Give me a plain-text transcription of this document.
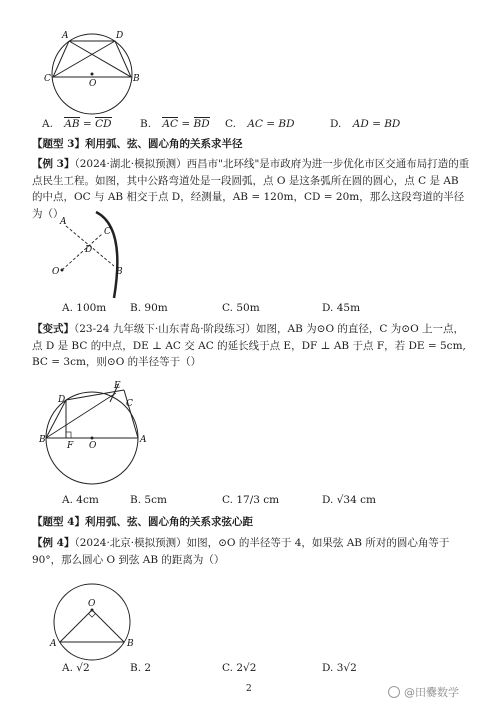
A	D
C	B
O
A. AB = CD	B. AC = BD C. AC = BD	D. AD = BD
【题型 3】利用弧、弦、圆心角的关系求半径
【例 3】（2024·湖北·模拟预测）西昌市"北环线"是市政府为进一步优化市区交通布局打造的重点民生工程。如图，其中公路弯道处是一段圆弧，点 O 是这条弧所在圆的圆心，点 C 是 AB 的中点，OC 与 AB 相交于点 D，经测量，AB = 120m，CD = 20m，那么这段弯道的半径为（）
A
C
D
O	B
A. 100m B. 90m	C. 50m	D. 45m
【变式】（23-24 九年级下·山东青岛·阶段练习）如图，AB 为⊙O 的直径，C 为⊙O 上一点，点 D 是 BC 的中点，DE ⊥ AC 交 AC 的延长线于点 E，DF ⊥ AB 于点 F，若 DE = 5cm, BC = 3cm，则⊙O 的半径等于（）
E
D	C
B
F O
A
A. 4cm	B. 5cm	C. 17/3 cm	D. √34 cm
【题型 4】利用弧、弦、圆心角的关系求弦心距
【例 4】（2024·北京·模拟预测）如图，⊙O 的半径等于 4，如果弦 AB 所对的圆心角等于 90°，那么圆心 O 到弦 AB 的距离为（）
O
A	B
A. √2	B. 2	C. 2√2	D. 3√2
2	@田爨数学
